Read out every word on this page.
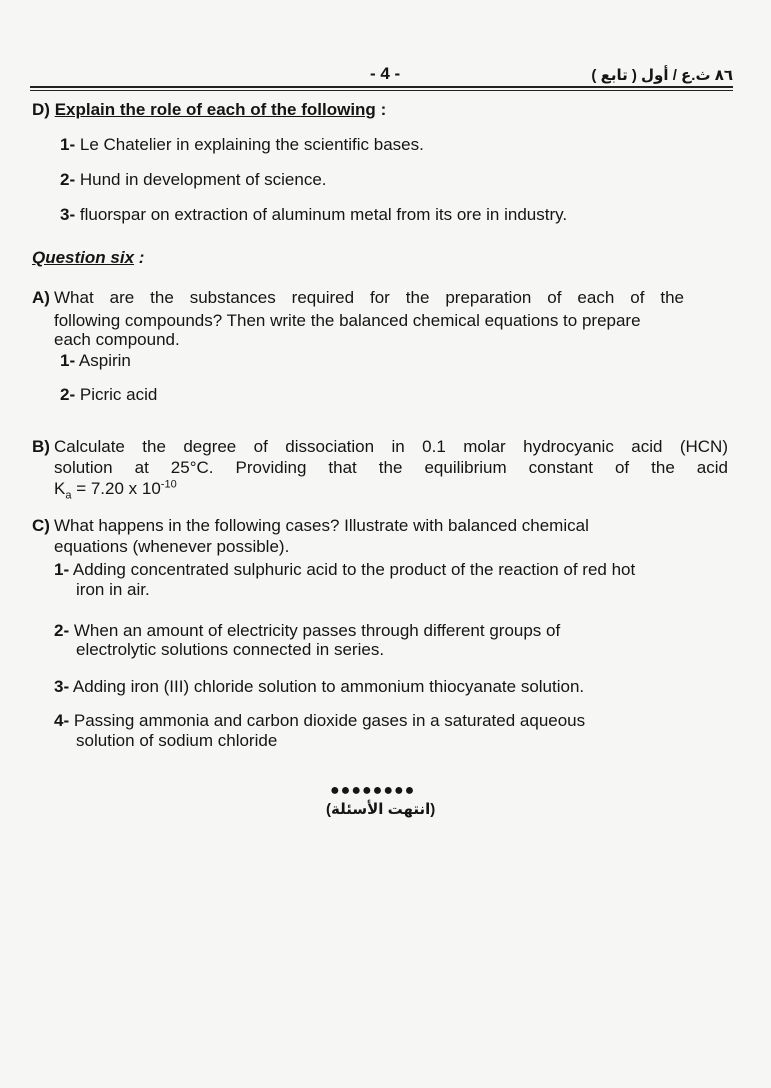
- 4 -	٨٦ ث.ع / أول ( تابع )
D) Explain the role of each of the following :
1- Le Chatelier in explaining the scientific bases.
2- Hund in development of science.
3- fluorspar on extraction of aluminum metal from its ore in industry.
Question six :
A) What are the substances required for the preparation of each of the
following compounds? Then write the balanced chemical equations to prepare
each compound.
1- Aspirin
2- Picric acid
B) Calculate the degree of dissociation in 0.1 molar hydrocyanic acid (HCN)
solution at 25°C. Providing that the equilibrium constant of the acid
$K_a = 7.20$ x $10^{-10}$
C) What happens in the following cases? Illustrate with balanced chemical
equations (whenever possible).
1- Adding concentrated sulphuric acid to the product of the reaction of red hot
iron in air.
2- When an amount of electricity passes through different groups of
electrolytic solutions connected in series.
3- Adding iron (III) chloride solution to ammonium thiocyanate solution.
4- Passing ammonia and carbon dioxide gases in a saturated aqueous
solution of sodium chloride
●●●●●●●●
(انتهت الأسئلة)
